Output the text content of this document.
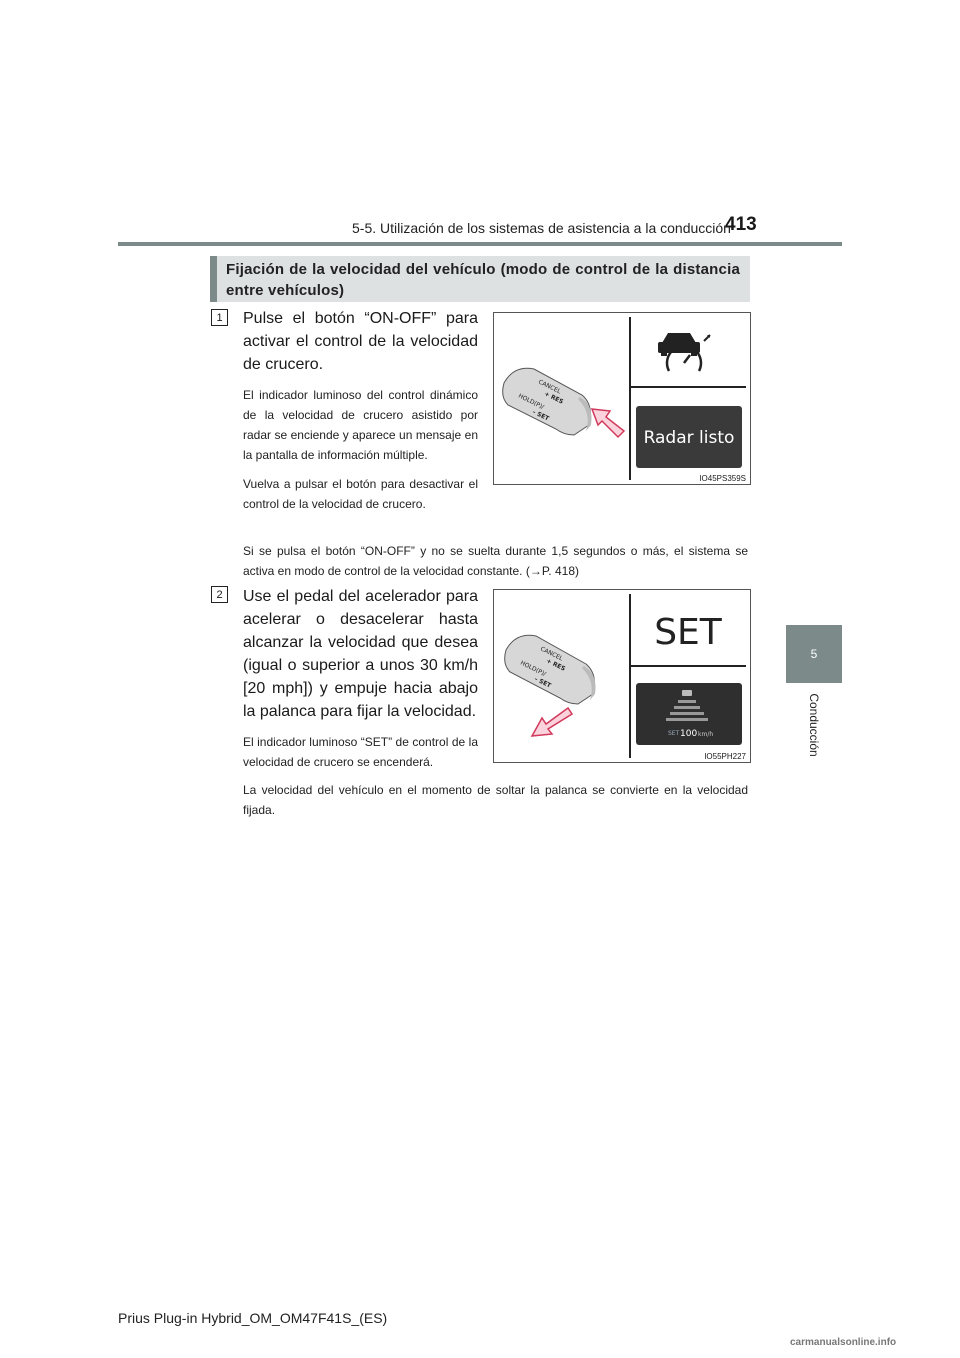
5-5. Utilización de los sistemas de asistencia a la conducción
413
5
Conducción
Fijación de la velocidad del vehículo (modo de control de la distancia entre vehículos)
1	Pulse el botón “ON-OFF” para activar el control de la velocidad de crucero.

El indicador luminoso del control dinámico de la velocidad de crucero asistido por radar se enciende y aparece un mensaje en la pantalla de información múltiple.

Vuelva a pulsar el botón para desactivar el control de la velocidad de crucero.

Si se pulsa el botón “ON-OFF” y no se suelta durante 1,5 segundos o más, el sistema se activa en modo de control de la velocidad constante. (→P. 418)
Radar listo
CANCEL
+ RES
HOLD(P)/
– SET
IO45PS359S
2	Use el pedal del acelerador para acelerar o desacelerar hasta alcanzar la velocidad que desea (igual o superior a unos 30 km/h [20 mph]) y empuje hacia abajo la palanca para fijar la velocidad.

El indicador luminoso “SET” de control de la velocidad de crucero se encenderá.

La velocidad del vehículo en el momento de soltar la palanca se convierte en la velocidad fijada.
SET
SET 100 km/h
CANCEL
+ RES
HOLD(P)/
– SET
IO55PH227
Prius Plug-in Hybrid_OM_OM47F41S_(ES)
carmanualsonline.info
